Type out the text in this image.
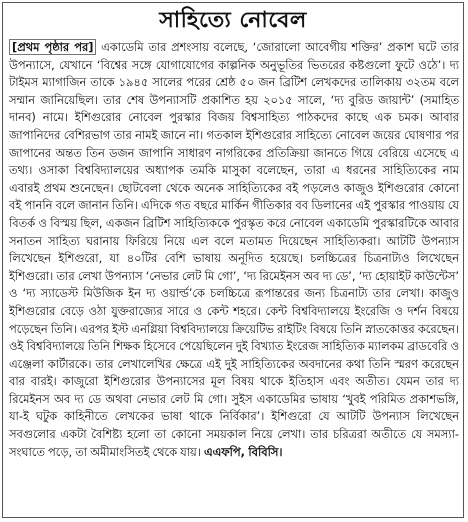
সাহিত্যে নোবেল
[প্রথম পৃষ্ঠার পর] একাডেমি তার প্রশংসায় বলেছে, ‘জোরালো আবেগীয় শক্তির’ প্রকাশ ঘটে তার উপন্যাসে, যেখানে ‘বিশ্বের সঙ্গে যোগাযোগের কাল্পনিক অনুভূতির ভিতরের কষ্টগুলো ফুটে ওঠে’। দ্য টাইমস ম্যাগাজিন তাকে ১৯৪৫ সালের পরের শ্রেষ্ঠ ৫০ জন ব্রিটিশ লেখকদের তালিকায় ৩২তম বলে সম্মান জানিয়েছিল। তার শেষ উপন্যাসটি প্রকাশিত হয় ২০১৫ সালে, ‘দ্য বুরিড জায়ান্ট’ (সমাহিত দানব) নামে। ইশিগুরোর নোবেল পুরস্কার বিজয় বিশ্বসাহিত্য পাঠকদের কাছে এক চমক। আবার জাপানিদের বেশিরভাগ তার নামই জানে না। গতকাল ইশিগুরোর সাহিত্যে নোবেল জয়ের ঘোষণার পর জাপানের অন্তত তিন ডজন জাপানি সাধারণ নাগরিকের প্রতিক্রিয়া জানতে গিয়ে বেরিয়ে এসেছে এ তথ্য। ওসাকা বিশ্ববিদ্যালয়ের অধ্যাপক তমকি মাসুকা বলেছেন, তারা এ ধরনের সাহিত্যিকের নাম এবারই প্রথম শুনেছেন। ছোটবেলা থেকে অনেক সাহিত্যিকের বই পড়লেও কাজুও ইশিগুরোর কোনো বই পাননি বলে জানান তিনি। এদিকে গত বছরে মার্কিন গীতিকার বব ডিলানের এই পুরস্কার পাওয়ায় যে বিতর্ক ও বিস্ময় ছিল, একজন ব্রিটিশ সাহিত্যিককে পুরস্কৃত করে নোবেল একাডেমি পুরস্কারটিকে আবার সনাতন সাহিত্য ঘরানায় ফিরিয়ে নিয়ে এল বলে মতামত দিয়েছেন সাহিত্যিকরা। আটটি উপন্যাস লিখেছেন ইশিগুরো, যা ৪০টির বেশি ভাষায় অনূদিত হয়েছে। চলচ্চিত্রের চিত্রনাট্যও লিখেছেন ইশিগুরো। তার লেখা উপন্যাস ‘নেভার লেট মি গো’, ‘দ্য রিমেইনস অব দ্য ডে’, ‘দ্য হোয়াইট কাউন্টেস’ ও ‘দ্য স্যাডেস্ট মিউজিক ইন দ্য ওয়ার্ল্ড’কে চলচ্চিত্রে রূপান্তরের জন্য চিত্রনাট্য তার লেখা। কাজুও ইশিগুরোর বেড়ে ওঠা যুক্তরাজ্যের সারে ও কেন্ট শহরে। কেন্ট বিশ্ববিদ্যালয়ে ইংরেজি ও দর্শন বিষয়ে পড়েছেন তিনি। এরপর ইস্ট এনগ্লিয়া বিশ্ববিদ্যালয়ে ক্রিয়েটিভ রাইটিং বিষয়ে তিনি স্নাতকোত্তর করেছেন। ওই বিশ্ববিদ্যালয়ে তিনি শিক্ষক হিসেবে পেয়েছিলেন দুই বিখ্যাত ইংরেজ সাহিত্যিক ম্যালকম ব্রাডবেরি ও এঞ্জেলা কার্টারকে। তার লেখালেখির ক্ষেত্রে এই দুই সাহিত্যিকের অবদানের কথা তিনি স্মরণ করেছেন বার বারই। কাজুরো ইশিগুরোর উপন্যাসের মূল বিষয় থাকে ইতিহাস এবং অতীত। যেমন তার দ্য রিমেইনস অব দ্য ডে অথবা নেভার লেট মি গো। সুইস একাডেমির ভাষায় ‘খুবই পরিমিত প্রকাশভঙ্গি, যা-ই ঘটুক কাহিনীতে লেখকের ভাষা থাকে নির্বিকার’। ইশিগুরো যে আটটি উপন্যাস লিখেছেন সবগুলোর একটা বৈশিষ্ট্য হলো তা কোনো সময়কাল নিয়ে লেখা। তার চরিত্ররা অতীতে যে সমস্যা-সংঘাতে পড়ে, তা অমীমাংসিতই থেকে যায়। এএফপি, বিবিসি।
